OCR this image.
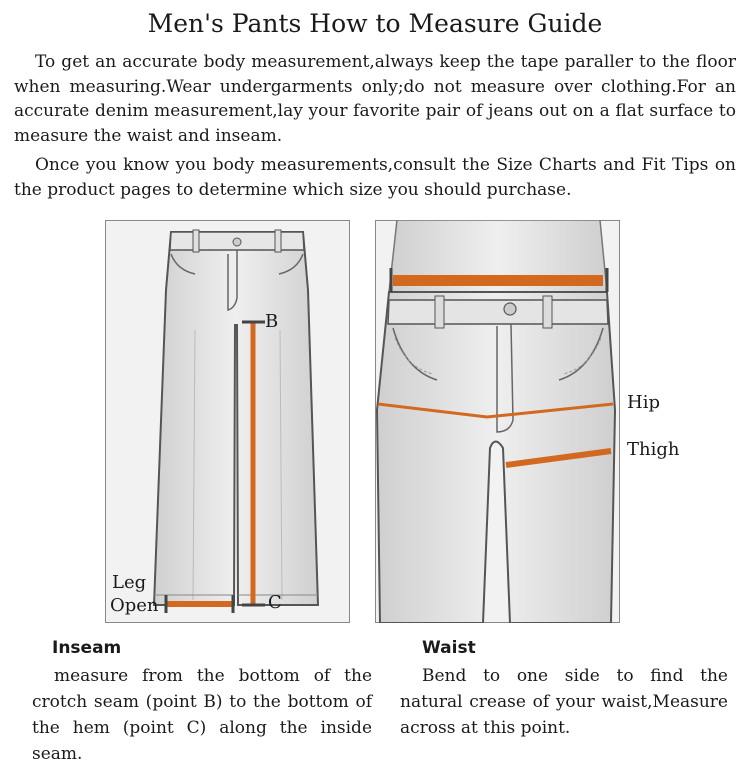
Men's Pants How to Measure Guide

To get an accurate body measurement,always keep the tape paraller to the floor when measuring.Wear undergarments only;do not measure over clothing.For an accurate denim measurement,lay your favorite pair of jeans out on a flat surface to measure the waist and inseam.

Once you know you body measurements,consult the Size Charts and Fit Tips on the product pages to determine which size you should purchase.

B
C
Leg
Open
Hip
Thigh
Inseam

measure from the bottom of the crotch seam (point B) to the bottom of the hem (point C) along the inside seam.

Waist

Bend to one side to find the natural crease of your waist,Measure across at this point.
